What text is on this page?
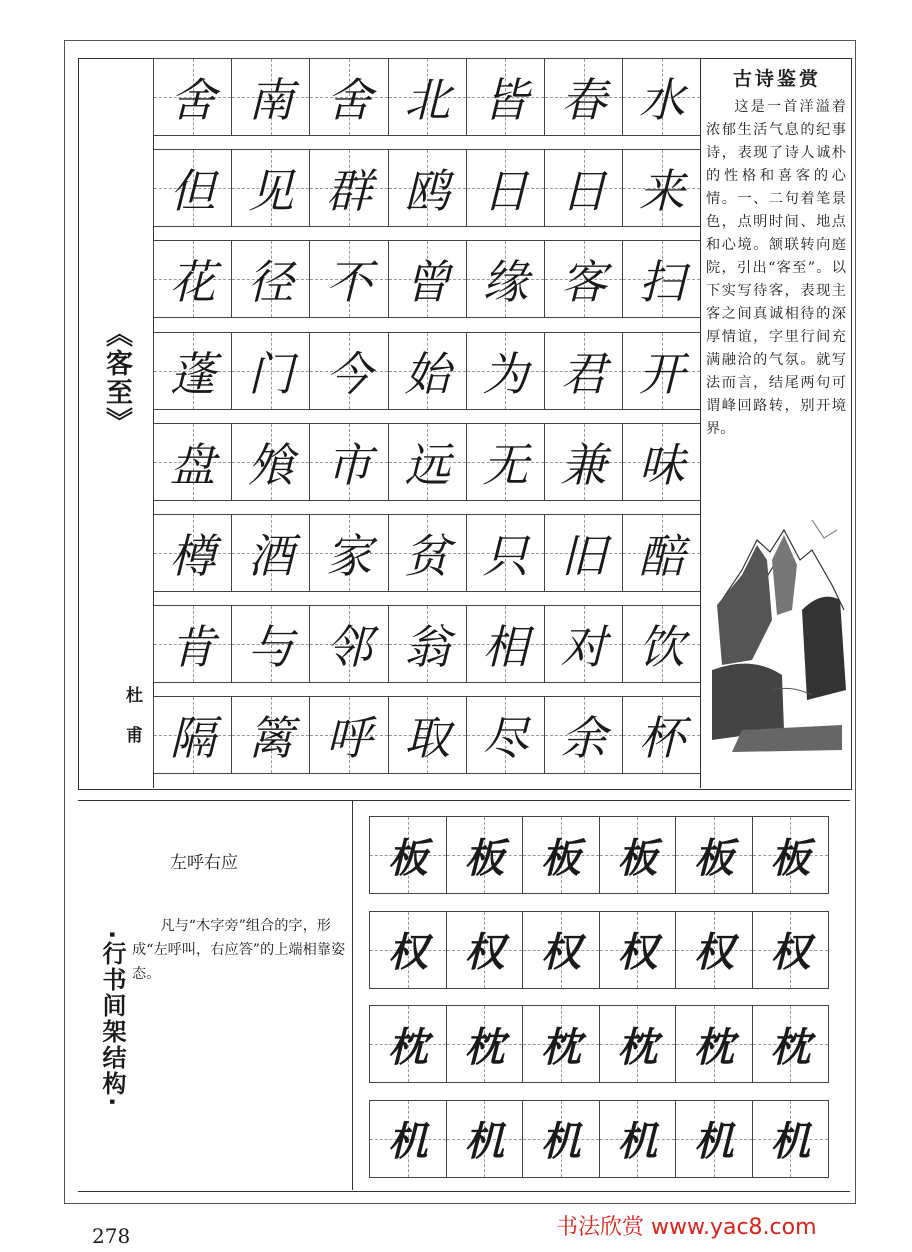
《客至》
杜甫
舍 南 舍 北 皆 春 水
但 见 群 鸥 日 日 来
花 径 不 曾 缘 客 扫
蓬 门 今 始 为 君 开
盘 飧 市 远 无 兼 味
樽 酒 家 贫 只 旧 醅
肯 与 邻 翁 相 对 饮
隔 篱 呼 取 尽 余 杯
古诗鉴赏
这是一首洋溢着浓郁生活气息的纪事诗，表现了诗人诚朴的性格和喜客的心情。一、二句着笔景色，点明时间、地点和心境。颔联转向庭院，引出“客至”。以下实写待客，表现主客之间真诚相待的深厚情谊，字里行间充满融洽的气氛。就写法而言，结尾两句可谓峰回路转，别开境界。
·行书间架结构·
左呼右应
凡与“木字旁”组合的字，形成“左呼叫，右应答”的上端相靠姿态。
板 板 板 板 板 板
权 权 权 权 权 权
枕 枕 枕 枕 枕 枕
机 机 机 机 机 机
278	书法欣赏 www.yac8.com
